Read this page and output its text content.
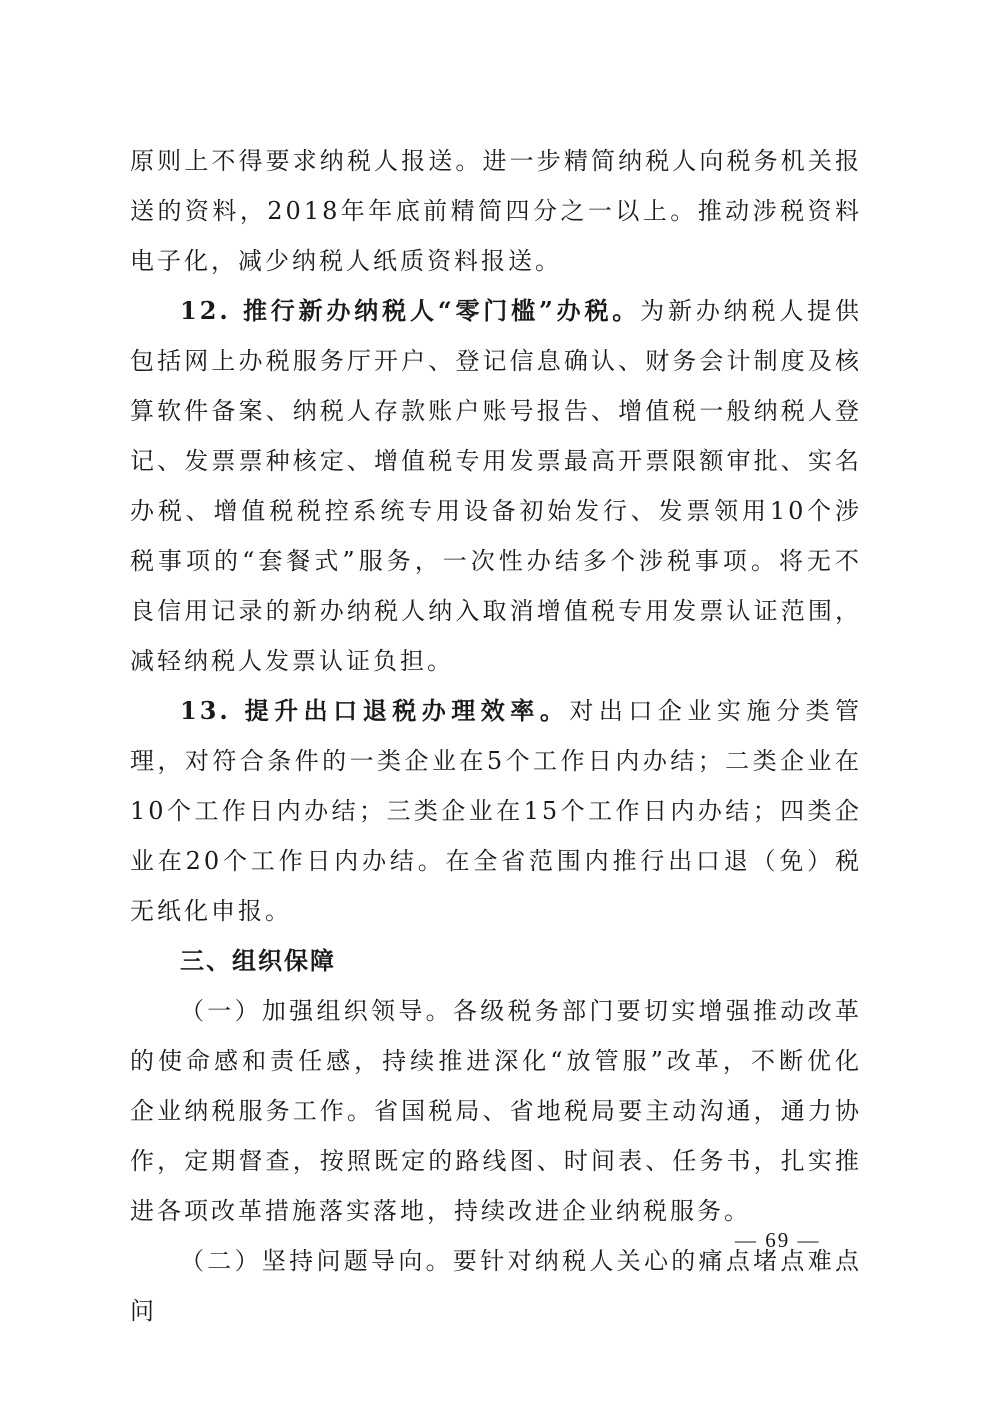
原则上不得要求纳税人报送。进一步精简纳税人向税务机关报送的资料，2018年年底前精简四分之一以上。推动涉税资料电子化，减少纳税人纸质资料报送。

12. 推行新办纳税人“零门槛”办税。为新办纳税人提供包括网上办税服务厅开户、登记信息确认、财务会计制度及核算软件备案、纳税人存款账户账号报告、增值税一般纳税人登记、发票票种核定、增值税专用发票最高开票限额审批、实名办税、增值税税控系统专用设备初始发行、发票领用10个涉税事项的“套餐式”服务，一次性办结多个涉税事项。将无不良信用记录的新办纳税人纳入取消增值税专用发票认证范围，减轻纳税人发票认证负担。

13. 提升出口退税办理效率。对出口企业实施分类管理，对符合条件的一类企业在5个工作日内办结；二类企业在10个工作日内办结；三类企业在15个工作日内办结；四类企业在20个工作日内办结。在全省范围内推行出口退（免）税无纸化申报。

三、组织保障

（一）加强组织领导。各级税务部门要切实增强推动改革的使命感和责任感，持续推进深化“放管服”改革，不断优化企业纳税服务工作。省国税局、省地税局要主动沟通，通力协作，定期督查，按照既定的路线图、时间表、任务书，扎实推进各项改革措施落实落地，持续改进企业纳税服务。

（二）坚持问题导向。要针对纳税人关心的痛点堵点难点问

— 69 —
